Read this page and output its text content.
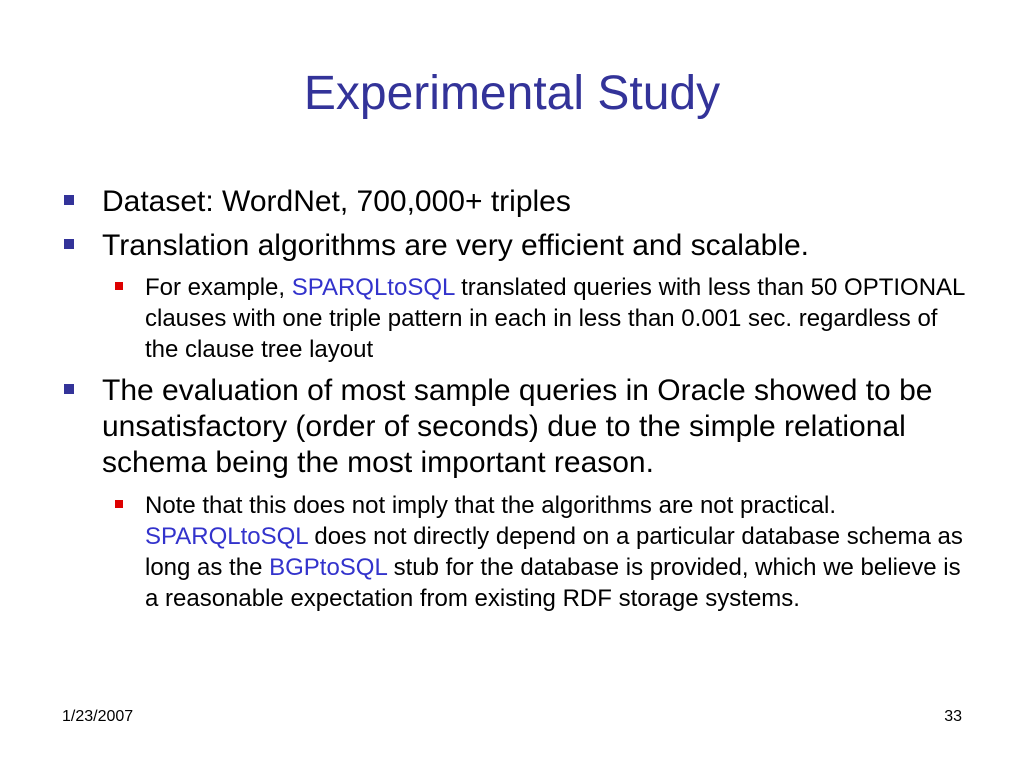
Experimental Study
Dataset: WordNet, 700,000+ triples
Translation algorithms are very efficient and scalable.
For example, SPARQLtoSQL translated queries with less than 50 OPTIONAL clauses with one triple pattern in each in less than 0.001 sec. regardless of the clause tree layout
The evaluation of most sample queries in Oracle showed to be unsatisfactory (order of seconds) due to the simple relational schema being the most important reason.
Note that this does not imply that the algorithms are not practical. SPARQLtoSQL does not directly depend on a particular database schema as long as the BGPtoSQL stub for the database is provided, which we believe is a reasonable expectation from existing RDF storage systems.
1/23/2007	33
